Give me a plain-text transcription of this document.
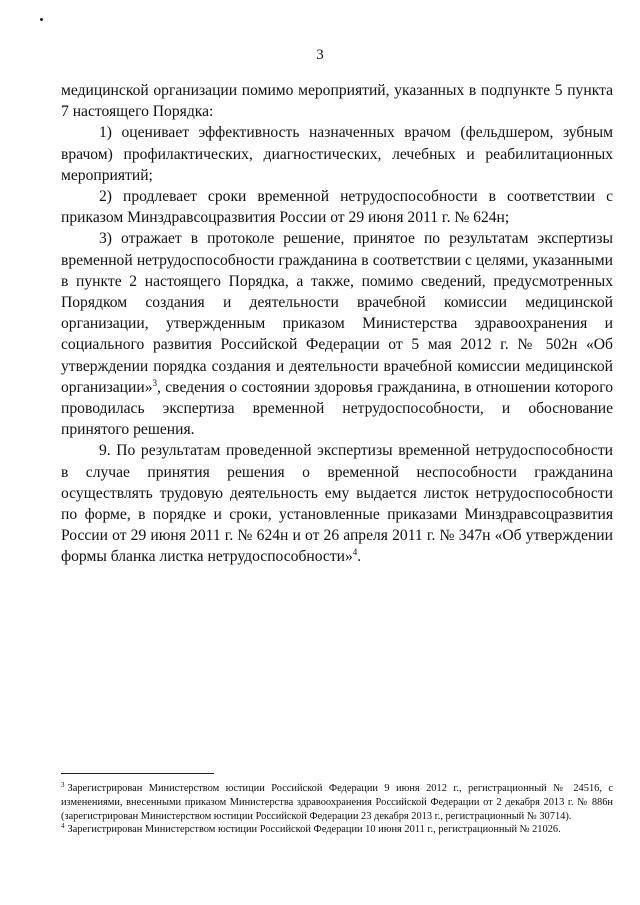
3

медицинской организации помимо мероприятий, указанных в подпункте 5 пункта 7 настоящего Порядка:

1) оценивает эффективность назначенных врачом (фельдшером, зубным врачом) профилактических, диагностических, лечебных и реабилитационных мероприятий;

2) продлевает сроки временной нетрудоспособности в соответствии с приказом Минздравсоцразвития России от 29 июня 2011 г. № 624н;

3) отражает в протоколе решение, принятое по результатам экспертизы временной нетрудоспособности гражданина в соответствии с целями, указанными в пункте 2 настоящего Порядка, а также, помимо сведений, предусмотренных Порядком создания и деятельности врачебной комиссии медицинской организации, утвержденным приказом Министерства здравоохранения и социального развития Российской Федерации от 5 мая 2012 г. № 502н «Об утверждении порядка создания и деятельности врачебной комиссии медицинской организации»$^3$, сведения о состоянии здоровья гражданина, в отношении которого проводилась экспертиза временной нетрудоспособности, и обоснование принятого решения.

9. По результатам проведенной экспертизы временной нетрудоспособности в случае принятия решения о временной неспособности гражданина осуществлять трудовую деятельность ему выдается листок нетрудоспособности по форме, в порядке и сроки, установленные приказами Минздравсоцразвития России от 29 июня 2011 г. № 624н и от 26 апреля 2011 г. № 347н «Об утверждении формы бланка листка нетрудоспособности»$^4$.

$^3$ Зарегистрирован Министерством юстиции Российской Федерации 9 июня 2012 г., регистрационный № 24516, с изменениями, внесенными приказом Министерства здравоохранения Российской Федерации от 2 декабря 2013 г. № 886н (зарегистрирован Министерством юстиции Российской Федерации 23 декабря 2013 г., регистрационный № 30714).

$^4$ Зарегистрирован Министерством юстиции Российской Федерации 10 июня 2011 г., регистрационный № 21026.
